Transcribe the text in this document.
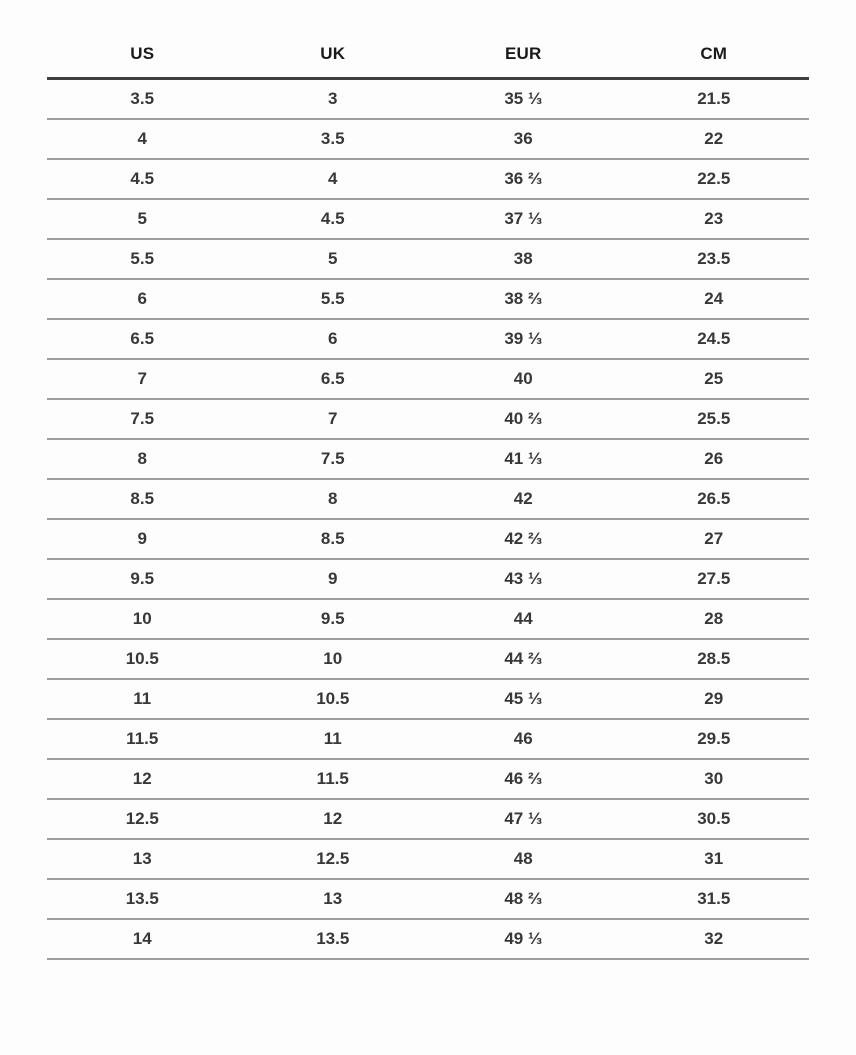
US	UK	EUR	CM
3.5	3	35 ⅓	21.5
4	3.5	36	22
4.5	4	36 ⅔	22.5
5	4.5	37 ⅓	23
5.5	5	38	23.5
6	5.5	38 ⅔	24
6.5	6	39 ⅓	24.5
7	6.5	40	25
7.5	7	40 ⅔	25.5
8	7.5	41 ⅓	26
8.5	8	42	26.5
9	8.5	42 ⅔	27
9.5	9	43 ⅓	27.5
10	9.5	44	28
10.5	10	44 ⅔	28.5
11	10.5	45 ⅓	29
11.5	11	46	29.5
12	11.5	46 ⅔	30
12.5	12	47 ⅓	30.5
13	12.5	48	31
13.5	13	48 ⅔	31.5
14	13.5	49 ⅓	32
